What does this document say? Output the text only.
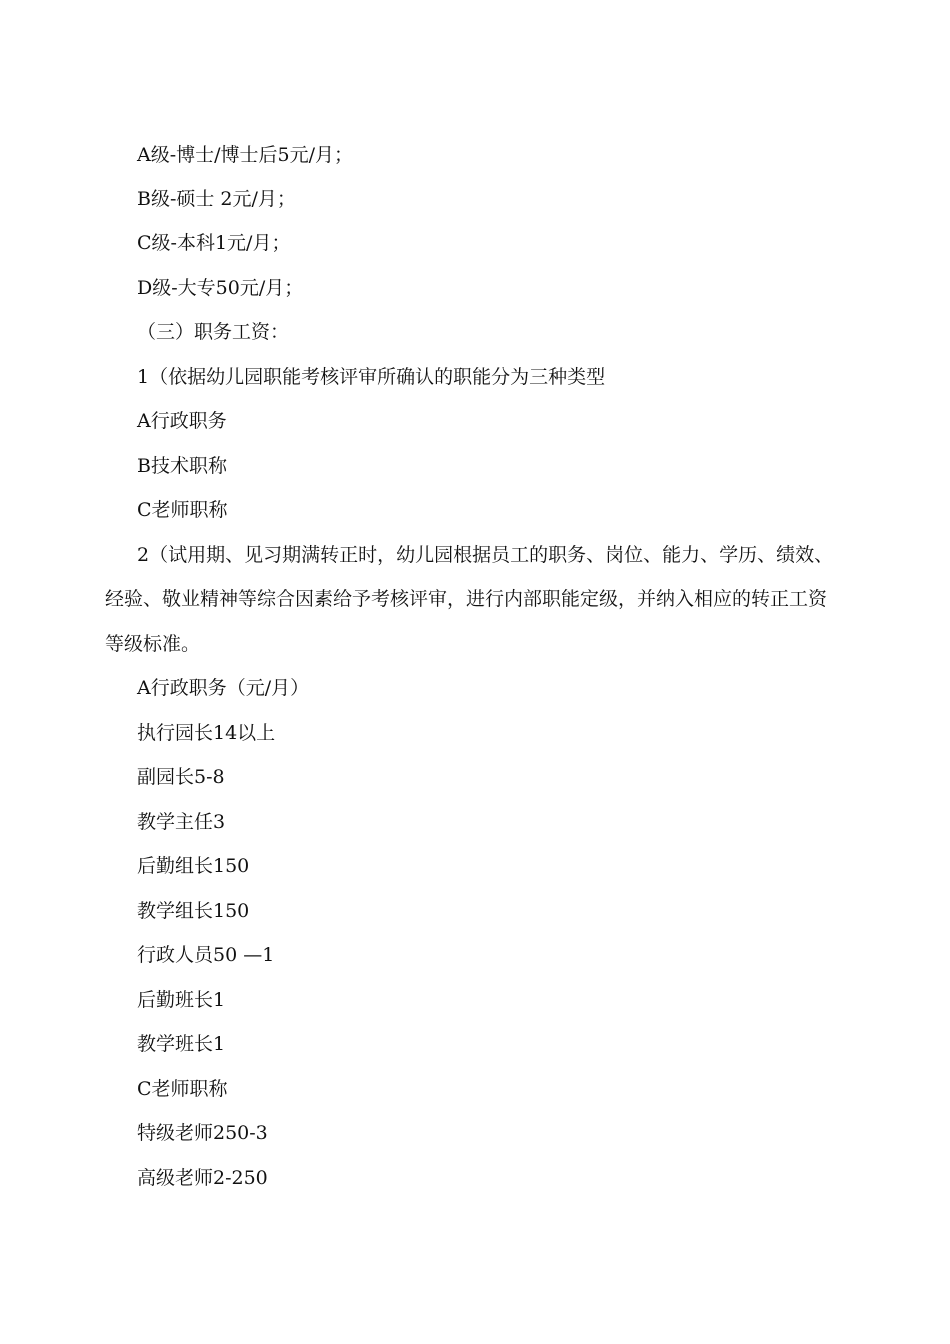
A级-博士/博士后5元/月；
B级-硕士 2元/月；
C级-本科1元/月；
D级-大专50元/月；
（三）职务工资：
1（依据幼儿园职能考核评审所确认的职能分为三种类型
A行政职务
B技术职称
C老师职称
2（试用期、见习期满转正时，幼儿园根据员工的职务、岗位、能力、学历、绩效、
经验、敬业精神等综合因素给予考核评审，进行内部职能定级，并纳入相应的转正工资
等级标准。
A行政职务（元/月）
执行园长14以上
副园长5-8
教学主任3
后勤组长150
教学组长150
行政人员50 —1
后勤班长1
教学班长1
C老师职称
特级老师250-3
高级老师2-250
